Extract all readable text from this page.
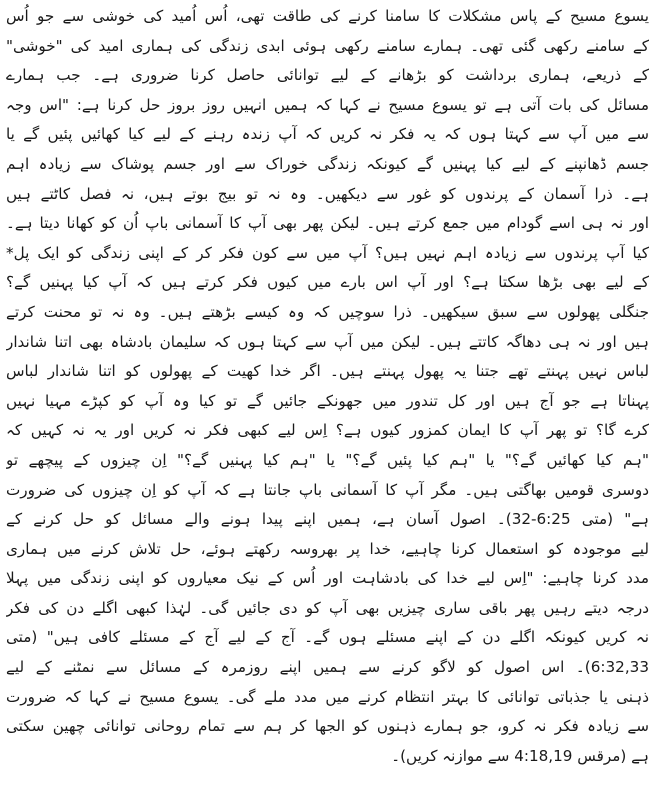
یسوع مسیح کے پاس مشکلات کا سامنا کرنے کی طاقت تھی، اُس اُمید کی خوشی سے جو اُس
کے سامنے رکھی گئی تھی۔ ہمارے سامنے رکھی ہوئی ابدی زندگی کی ہماری امید کی "خوشی"
کے ذریعے، ہماری برداشت کو بڑھانے کے لیے توانائی حاصل کرنا ضروری ہے۔ جب ہمارے
مسائل کی بات آتی ہے تو یسوع مسیح نے کہا کہ ہمیں انہیں روز بروز حل کرنا ہے: "اس وجہ
سے میں آپ سے کہتا ہوں کہ یہ فکر نہ کریں کہ آپ زندہ رہنے کے لیے کیا کھائیں پئیں گے یا
جسم ڈھانپنے کے لیے کیا پہنیں گے کیونکہ زندگی خوراک سے اور جسم پوشاک سے زیادہ اہم
ہے۔ ذرا آسمان کے پرندوں کو غور سے دیکھیں۔ وہ نہ تو بیج بوتے ہیں، نہ فصل کاٹتے ہیں
اور نہ ہی اسے گودام میں جمع کرتے ہیں۔ لیکن پھر بھی آپ کا آسمانی باپ اُن کو کھانا دیتا ہے۔
کیا آپ پرندوں سے زیادہ اہم نہیں ہیں؟ آپ میں سے کون فکر کر کے اپنی زندگی کو ایک پل*
کے لیے بھی بڑھا سکتا ہے؟ اور آپ اس بارے میں کیوں فکر کرتے ہیں کہ آپ کیا پہنیں گے؟
جنگلی پھولوں سے سبق سیکھیں۔ ذرا سوچیں کہ وہ کیسے بڑھتے ہیں۔ وہ نہ تو محنت کرتے
ہیں اور نہ ہی دھاگہ کاتتے ہیں۔ لیکن میں آپ سے کہتا ہوں کہ سلیمان بادشاہ بھی اتنا شاندار
لباس نہیں پہنتے تھے جتنا یہ پھول پہنتے ہیں۔ اگر خدا کھیت کے پھولوں کو اتنا شاندار لباس
پہناتا ہے جو آج ہیں اور کل تندور میں جھونکے جائیں گے تو کیا وہ آپ کو کپڑے مہیا نہیں
کرے گا؟ تو پھر آپ کا ایمان کمزور کیوں ہے؟ اِس لیے کبھی فکر نہ کریں اور یہ نہ کہیں کہ
"ہم کیا کھائیں گے؟" یا "ہم کیا پئیں گے؟" یا "ہم کیا پہنیں گے؟" اِن چیزوں کے پیچھے تو
دوسری قومیں بھاگتی ہیں۔ مگر آپ کا آسمانی باپ جانتا ہے کہ آپ کو اِن چیزوں کی ضرورت
ہے" (متی 6:25-32)۔ اصول آسان ہے، ہمیں اپنے پیدا ہونے والے مسائل کو حل کرنے کے
لیے موجودہ کو استعمال کرنا چاہیے، خدا پر بھروسہ رکھتے ہوئے، حل تلاش کرنے میں ہماری
مدد کرنا چاہیے: "اِس لیے خدا کی بادشاہت اور اُس کے نیک معیاروں کو اپنی زندگی میں پہلا
درجہ دیتے رہیں پھر باقی ساری چیزیں بھی آپ کو دی جائیں گی۔ لہٰذا کبھی اگلے دن کی فکر
نہ کریں کیونکہ اگلے دن کے اپنے مسئلے ہوں گے۔ آج کے لیے آج کے مسئلے کافی ہیں" (متی
6:32,33)۔ اس اصول کو لاگو کرنے سے ہمیں اپنے روزمرہ کے مسائل سے نمٹنے کے لیے
ذہنی یا جذباتی توانائی کا بہتر انتظام کرنے میں مدد ملے گی۔ یسوع مسیح نے کہا کہ ضرورت
سے زیادہ فکر نہ کرو، جو ہمارے ذہنوں کو الجھا کر ہم سے تمام روحانی توانائی چھین سکتی
ہے (مرقس 4:18,19 سے موازنہ کریں)۔
